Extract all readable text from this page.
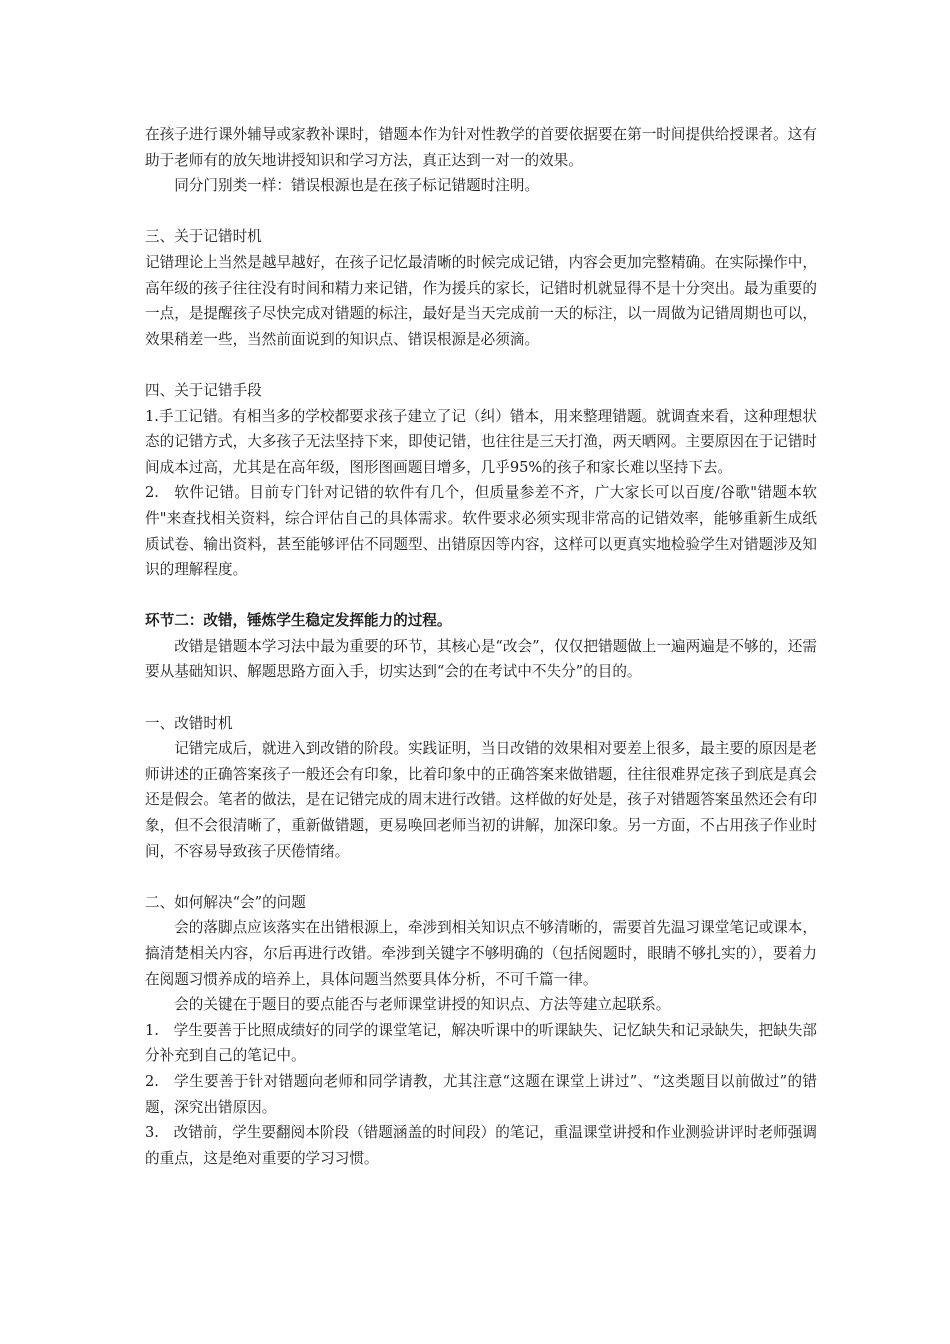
在孩子进行课外辅导或家教补课时，错题本作为针对性教学的首要依据要在第一时间提供给授课者。这有助于老师有的放矢地讲授知识和学习方法，真正达到一对一的效果。

同分门别类一样：错误根源也是在孩子标记错题时注明。

三、关于记错时机

记错理论上当然是越早越好，在孩子记忆最清晰的时候完成记错，内容会更加完整精确。在实际操作中，高年级的孩子往往没有时间和精力来记错，作为援兵的家长，记错时机就显得不是十分突出。最为重要的一点，是提醒孩子尽快完成对错题的标注，最好是当天完成前一天的标注，以一周做为记错周期也可以，效果稍差一些，当然前面说到的知识点、错误根源是必须滴。

四、关于记错手段

1.手工记错。有相当多的学校都要求孩子建立了记（纠）错本，用来整理错题。就调查来看，这种理想状态的记错方式，大多孩子无法坚持下来，即使记错，也往往是三天打渔，两天晒网。主要原因在于记错时间成本过高，尤其是在高年级，图形图画题目增多，几乎95%的孩子和家长难以坚持下去。

2.　软件记错。目前专门针对记错的软件有几个，但质量参差不齐，广大家长可以百度/谷歌"错题本软件"来查找相关资料，综合评估自己的具体需求。软件要求必须实现非常高的记错效率，能够重新生成纸质试卷、输出资料，甚至能够评估不同题型、出错原因等内容，这样可以更真实地检验学生对错题涉及知识的理解程度。

环节二：改错，锤炼学生稳定发挥能力的过程。

改错是错题本学习法中最为重要的环节，其核心是“改会”，仅仅把错题做上一遍两遍是不够的，还需要从基础知识、解题思路方面入手，切实达到“会的在考试中不失分”的目的。

一、改错时机

记错完成后，就进入到改错的阶段。实践证明，当日改错的效果相对要差上很多，最主要的原因是老师讲述的正确答案孩子一般还会有印象，比着印象中的正确答案来做错题，往往很难界定孩子到底是真会还是假会。笔者的做法，是在记错完成的周末进行改错。这样做的好处是，孩子对错题答案虽然还会有印象，但不会很清晰了，重新做错题，更易唤回老师当初的讲解，加深印象。另一方面，不占用孩子作业时间，不容易导致孩子厌倦情绪。

二、如何解决“会”的问题

会的落脚点应该落实在出错根源上，牵涉到相关知识点不够清晰的，需要首先温习课堂笔记或课本，搞清楚相关内容，尔后再进行改错。牵涉到关键字不够明确的（包括阅题时，眼睛不够扎实的），要着力在阅题习惯养成的培养上，具体问题当然要具体分析，不可千篇一律。

会的关键在于题目的要点能否与老师课堂讲授的知识点、方法等建立起联系。

1.　学生要善于比照成绩好的同学的课堂笔记，解决听课中的听课缺失、记忆缺失和记录缺失，把缺失部分补充到自己的笔记中。

2.　学生要善于针对错题向老师和同学请教，尤其注意“这题在课堂上讲过”、“这类题目以前做过”的错题，深究出错原因。

3.　改错前，学生要翻阅本阶段（错题涵盖的时间段）的笔记，重温课堂讲授和作业测验讲评时老师强调的重点，这是绝对重要的学习习惯。
